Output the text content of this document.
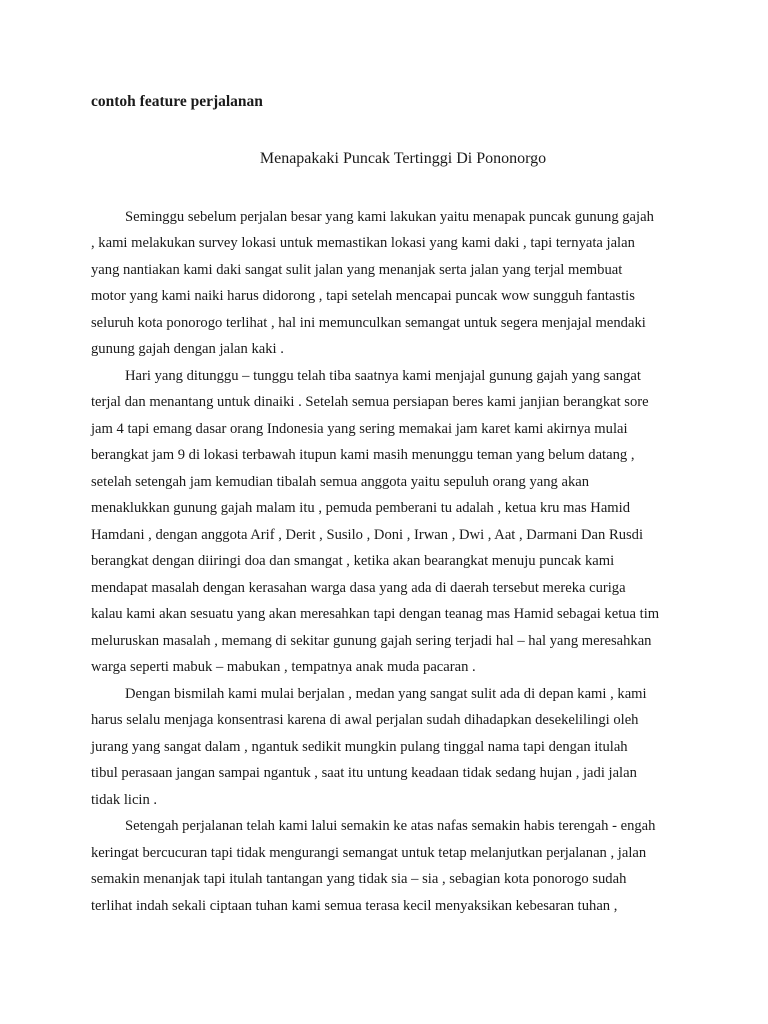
contoh feature perjalanan
Menapakaki Puncak Tertinggi Di Pononorgo
Seminggu sebelum perjalan besar yang kami lakukan yaitu menapak puncak gunung gajah
, kami melakukan survey lokasi untuk memastikan lokasi yang kami daki , tapi ternyata jalan
yang nantiakan kami daki sangat sulit jalan yang menanjak serta jalan yang terjal membuat
motor yang kami naiki harus didorong , tapi setelah mencapai puncak wow sungguh fantastis
seluruh kota ponorogo terlihat , hal ini memunculkan semangat untuk segera menjajal mendaki
gunung gajah dengan jalan kaki .
Hari yang ditunggu – tunggu telah tiba saatnya kami menjajal gunung gajah yang sangat
terjal dan menantang untuk dinaiki . Setelah semua persiapan beres kami janjian berangkat sore
jam 4 tapi emang dasar orang Indonesia yang sering memakai jam karet kami akirnya mulai
berangkat jam 9 di lokasi terbawah itupun kami masih menunggu teman yang belum datang ,
setelah setengah jam kemudian tibalah semua anggota yaitu sepuluh orang yang akan
menaklukkan gunung gajah malam itu , pemuda pemberani tu adalah , ketua kru mas Hamid
Hamdani , dengan anggota Arif , Derit , Susilo , Doni , Irwan , Dwi , Aat , Darmani Dan Rusdi
berangkat dengan diiringi doa dan smangat , ketika akan bearangkat menuju puncak kami
mendapat masalah dengan kerasahan warga dasa yang ada di daerah tersebut mereka curiga
kalau kami akan sesuatu yang akan meresahkan tapi dengan teanag mas Hamid sebagai ketua tim
meluruskan masalah , memang di sekitar gunung gajah sering terjadi hal – hal yang meresahkan
warga seperti mabuk – mabukan , tempatnya anak muda pacaran .
Dengan bismilah kami mulai berjalan , medan yang sangat sulit ada di depan kami , kami
harus selalu menjaga konsentrasi karena di awal perjalan sudah dihadapkan desekelilingi oleh
jurang yang sangat dalam , ngantuk sedikit mungkin pulang tinggal nama tapi dengan itulah
tibul perasaan jangan sampai ngantuk , saat itu untung keadaan tidak sedang hujan , jadi jalan
tidak licin .
Setengah perjalanan telah kami lalui semakin ke atas nafas semakin habis terengah - engah
keringat bercucuran tapi tidak mengurangi semangat untuk tetap melanjutkan perjalanan , jalan
semakin menanjak tapi itulah tantangan yang tidak sia – sia , sebagian kota ponorogo sudah
terlihat indah sekali ciptaan tuhan kami semua terasa kecil menyaksikan kebesaran tuhan ,
